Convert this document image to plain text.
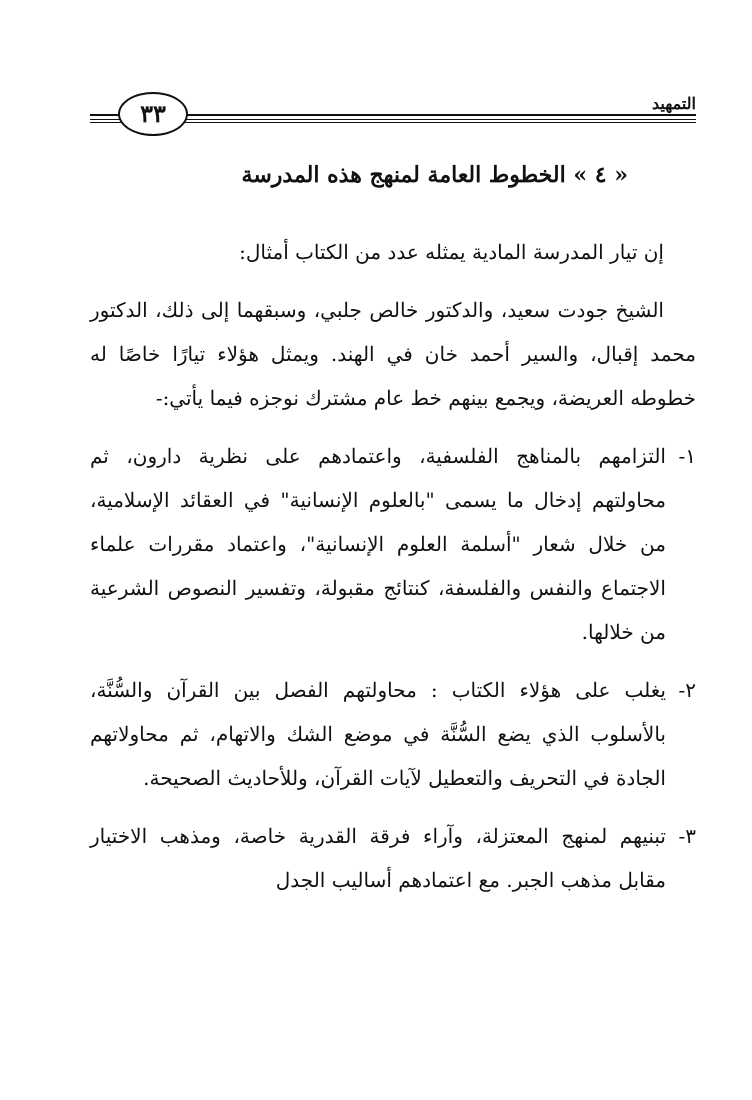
التمهيد
٣٣
« ٤ » الخطوط العامة لمنهج هذه المدرسة

إن تيار المدرسة المادية يمثله عدد من الكتاب أمثال:

الشيخ جودت سعيد، والدكتور خالص جلبي، وسبقهما إلى ذلك، الدكتور محمد إقبال، والسير أحمد خان في الهند. ويمثل هؤلاء تيارًا خاصًا له خطوطه العريضة، ويجمع بينهم خط عام مشترك نوجزه فيما يأتي:-

١-
التزامهم بالمناهج الفلسفية، واعتمادهم على نظرية دارون، ثم محاولتهم إدخال ما يسمى "بالعلوم الإنسانية" في العقائد الإسلامية، من خلال شعار "أسلمة العلوم الإنسانية"، واعتماد مقررات علماء الاجتماع والنفس والفلسفة، كنتائج مقبولة، وتفسير النصوص الشرعية من خلالها.
٢-
يغلب على هؤلاء الكتاب : محاولتهم الفصل بين القرآن والسُّنَّة، بالأسلوب الذي يضع السُّنَّة في موضع الشك والاتهام، ثم محاولاتهم الجادة في التحريف والتعطيل لآيات القرآن، وللأحاديث الصحيحة.
٣-
تبنيهم لمنهج المعتزلة، وآراء فرقة القدرية خاصة، ومذهب الاختيار مقابل مذهب الجبر. مع اعتمادهم أساليب الجدل
